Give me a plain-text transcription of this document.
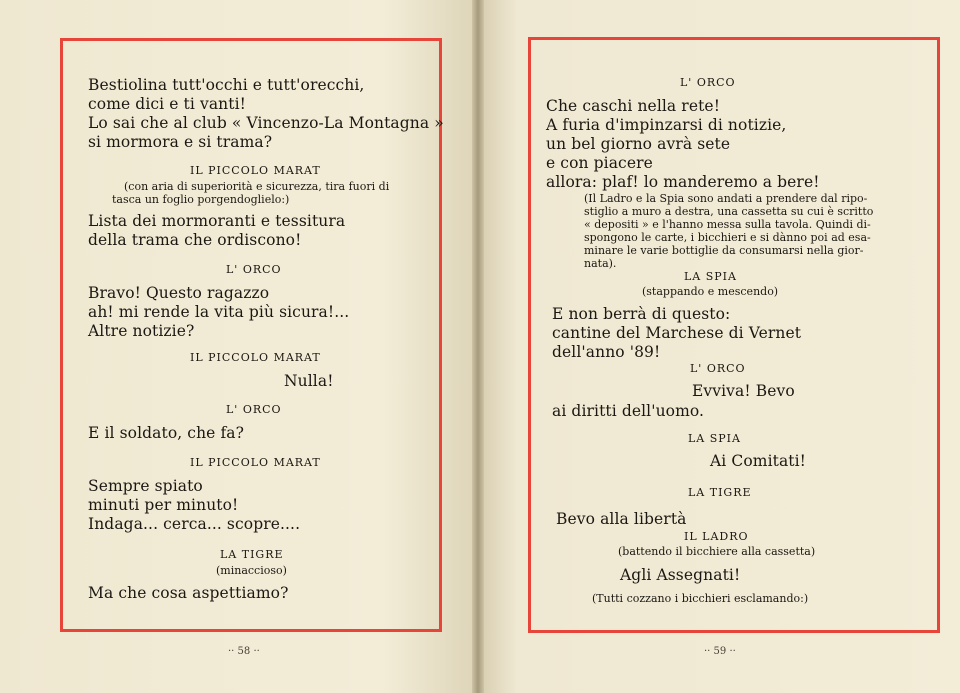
Bestiolina tutt'occhi e tutt'orecchi,
come dici e ti vanti!
Lo sai che al club « Vincenzo-La Montagna »
si mormora e si trama?
IL PICCOLO MARAT
(con aria di superiorità e sicurezza, tira fuori di
tasca un foglio porgendoglielo:)
Lista dei mormoranti e tessitura
della trama che ordiscono!
L' ORCO
Bravo! Questo ragazzo
ah! mi rende la vita più sicura!...
Altre notizie?
IL PICCOLO MARAT
Nulla!
L' ORCO
E il soldato, che fa?
IL PICCOLO MARAT
Sempre spiato
minuti per minuto!
Indaga... cerca... scopre....
LA TIGRE
(minaccioso)
Ma che cosa aspettiamo?
·· 58 ··
L' ORCO
Che caschi nella rete!
A furia d'impinzarsi di notizie,
un bel giorno avrà sete
e con piacere
allora: plaf! lo manderemo a bere!
(Il Ladro e la Spia sono andati a prendere dal ripo-
stiglio a muro a destra, una cassetta su cui è scritto
« depositi » e l'hanno messa sulla tavola. Quindi di-
spongono le carte, i bicchieri e si dànno poi ad esa-
minare le varie bottiglie da consumarsi nella gior-
nata).
LA SPIA
(stappando e mescendo)
E non berrà di questo:
cantine del Marchese di Vernet
dell'anno '89!
L' ORCO
Evviva! Bevo
ai diritti dell'uomo.
LA SPIA
Ai Comitati!
LA TIGRE
Bevo alla libertà
IL LADRO
(battendo il bicchiere alla cassetta)
Agli Assegnati!
(Tutti cozzano i bicchieri esclamando:)
·· 59 ··
